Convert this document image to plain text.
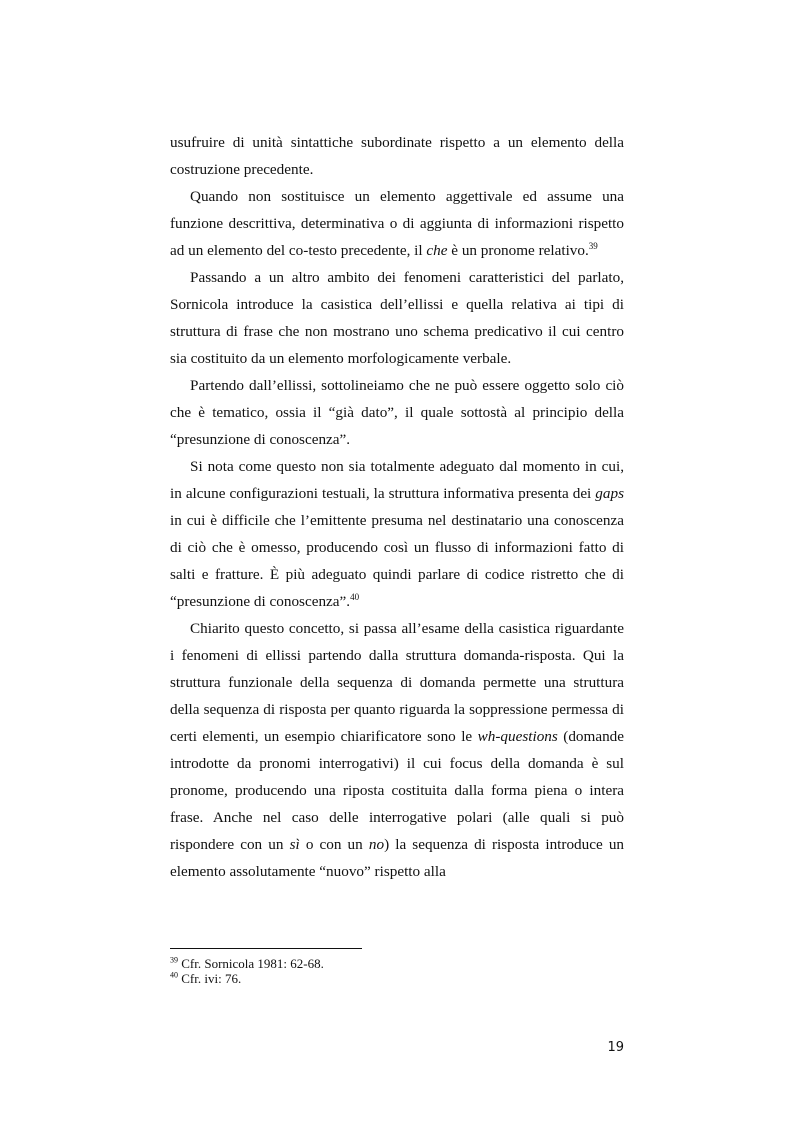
usufruire di unità sintattiche subordinate rispetto a un elemento della costruzione precedente.

Quando non sostituisce un elemento aggettivale ed assume una funzione descrittiva, determinativa o di aggiunta di informazioni rispetto ad un elemento del co-testo precedente, il che è un pronome relativo.$^{39}$

Passando a un altro ambito dei fenomeni caratteristici del parlato, Sornicola introduce la casistica dell’ellissi e quella relativa ai tipi di struttura di frase che non mostrano uno schema predicativo il cui centro sia costituito da un elemento morfologicamente verbale.

Partendo dall’ellissi, sottolineiamo che ne può essere oggetto solo ciò che è tematico, ossia il “già dato”, il quale sottostà al principio della “presunzione di conoscenza”.

Si nota come questo non sia totalmente adeguato dal momento in cui, in alcune configurazioni testuali, la struttura informativa presenta dei gaps in cui è difficile che l’emittente presuma nel destinatario una conoscenza di ciò che è omesso, producendo così un flusso di informazioni fatto di salti e fratture. È più adeguato quindi parlare di codice ristretto che di “presunzione di conoscenza”.$^{40}$

Chiarito questo concetto, si passa all’esame della casistica riguardante i fenomeni di ellissi partendo dalla struttura domanda-risposta. Qui la struttura funzionale della sequenza di domanda permette una struttura della sequenza di risposta per quanto riguarda la soppressione permessa di certi elementi, un esempio chiarificatore sono le wh-questions (domande introdotte da pronomi interrogativi) il cui focus della domanda è sul pronome, producendo una riposta costituita dalla forma piena o intera frase. Anche nel caso delle interrogative polari (alle quali si può rispondere con un sì o con un no) la sequenza di risposta introduce un elemento assolutamente “nuovo” rispetto alla

$^{39}$ Cfr. Sornicola 1981: 62-68.
$^{40}$ Cfr. ivi: 76.
19
